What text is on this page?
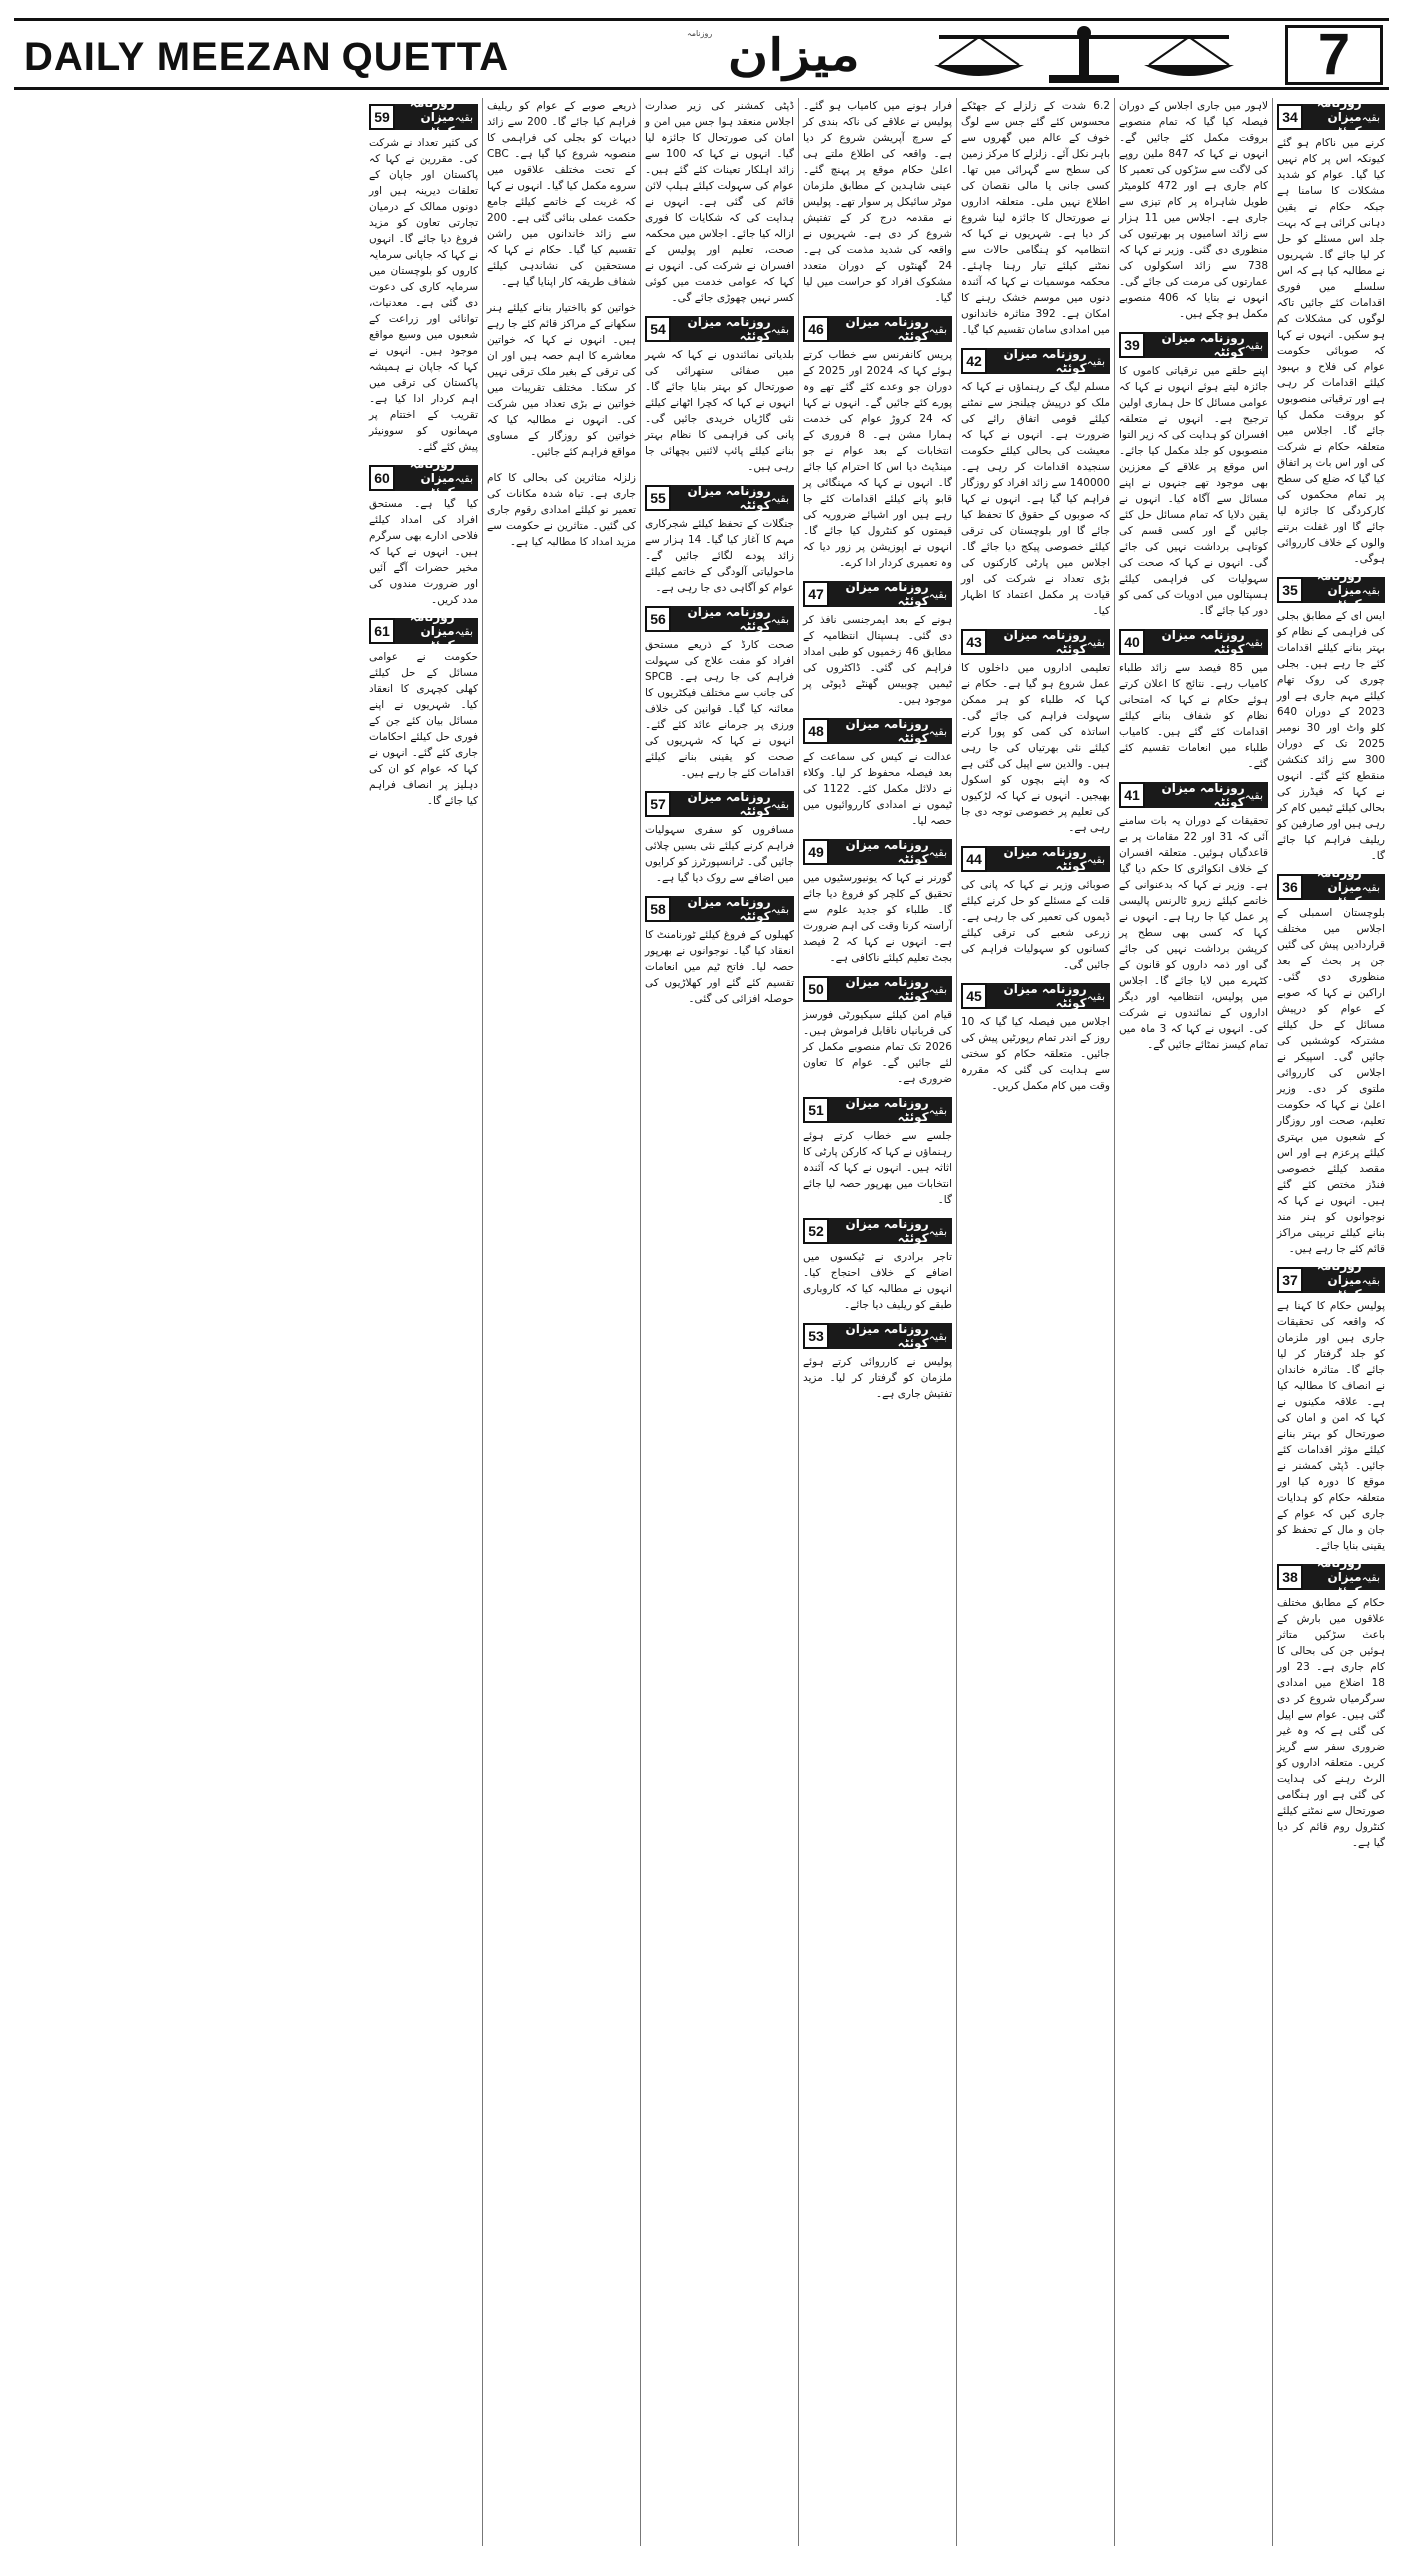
DAILY MEEZAN QUETTA
روزنامہ میزان	7
34	بقیہ
روزنامہ میزان کوئٹہ
کرنے میں ناکام ہو گئے کیونکہ اس پر کام نہیں کیا گیا۔ عوام کو شدید مشکلات کا سامنا ہے جبکہ حکام نے یقین دہانی کرائی ہے کہ بہت جلد اس مسئلے کو حل کر لیا جائے گا۔ شہریوں نے مطالبہ کیا ہے کہ اس سلسلے میں فوری اقدامات کئے جائیں تاکہ لوگوں کی مشکلات کم ہو سکیں۔ انہوں نے کہا کہ صوبائی حکومت عوام کی فلاح و بہبود کیلئے اقدامات کر رہی ہے اور ترقیاتی منصوبوں کو بروقت مکمل کیا جائے گا۔ اجلاس میں متعلقہ حکام نے شرکت کی اور اس بات پر اتفاق کیا گیا کہ ضلع کی سطح پر تمام محکموں کی کارکردگی کا جائزہ لیا جائے گا اور غفلت برتنے والوں کے خلاف کارروائی ہوگی۔
35	بقیہ
روزنامہ میزان کوئٹہ
ایس ای کے مطابق بجلی کی فراہمی کے نظام کو بہتر بنانے کیلئے اقدامات کئے جا رہے ہیں۔ بجلی چوری کی روک تھام کیلئے مہم جاری ہے اور 2023 کے دوران 640 کلو واٹ اور 30 نومبر 2025 تک کے دوران 300 سے زائد کنکشن منقطع کئے گئے۔ انہوں نے کہا کہ فیڈرز کی بحالی کیلئے ٹیمیں کام کر رہی ہیں اور صارفین کو ریلیف فراہم کیا جائے گا۔
36	بقیہ
روزنامہ میزان کوئٹہ
بلوچستان اسمبلی کے اجلاس میں مختلف قراردادیں پیش کی گئیں جن پر بحث کے بعد منظوری دی گئی۔ اراکین نے کہا کہ صوبے کے عوام کو درپیش مسائل کے حل کیلئے مشترکہ کوششیں کی جائیں گی۔ اسپیکر نے اجلاس کی کارروائی ملتوی کر دی۔ وزیر اعلیٰ نے کہا کہ حکومت تعلیم، صحت اور روزگار کے شعبوں میں بہتری کیلئے پرعزم ہے اور اس مقصد کیلئے خصوصی فنڈز مختص کئے گئے ہیں۔ انہوں نے کہا کہ نوجوانوں کو ہنر مند بنانے کیلئے تربیتی مراکز قائم کئے جا رہے ہیں۔
37	بقیہ
روزنامہ میزان کوئٹہ
پولیس حکام کا کہنا ہے کہ واقعہ کی تحقیقات جاری ہیں اور ملزمان کو جلد گرفتار کر لیا جائے گا۔ متاثرہ خاندان نے انصاف کا مطالبہ کیا ہے۔ علاقہ مکینوں نے کہا کہ امن و امان کی صورتحال کو بہتر بنانے کیلئے مؤثر اقدامات کئے جائیں۔ ڈپٹی کمشنر نے موقع کا دورہ کیا اور متعلقہ حکام کو ہدایات جاری کیں کہ عوام کے جان و مال کے تحفظ کو یقینی بنایا جائے۔
38	بقیہ
روزنامہ میزان کوئٹہ
حکام کے مطابق مختلف علاقوں میں بارش کے باعث سڑکیں متاثر ہوئیں جن کی بحالی کا کام جاری ہے۔ 23 اور 18 اضلاع میں امدادی سرگرمیاں شروع کر دی گئی ہیں۔ عوام سے اپیل کی گئی ہے کہ وہ غیر ضروری سفر سے گریز کریں۔ متعلقہ اداروں کو الرٹ رہنے کی ہدایت کی گئی ہے اور ہنگامی صورتحال سے نمٹنے کیلئے کنٹرول روم قائم کر دیا گیا ہے۔
لاہور میں جاری اجلاس کے دوران فیصلہ کیا گیا کہ تمام منصوبے بروقت مکمل کئے جائیں گے۔ انہوں نے کہا کہ 847 ملین روپے کی لاگت سے سڑکوں کی تعمیر کا کام جاری ہے اور 472 کلومیٹر طویل شاہراہ پر کام تیزی سے جاری ہے۔ اجلاس میں 11 ہزار سے زائد اسامیوں پر بھرتیوں کی منظوری دی گئی۔ وزیر نے کہا کہ 738 سے زائد اسکولوں کی عمارتوں کی مرمت کی جائے گی۔ انہوں نے بتایا کہ 406 منصوبے مکمل ہو چکے ہیں۔
39	بقیہ
روزنامہ میزان کوئٹہ
اپنے حلقے میں ترقیاتی کاموں کا جائزہ لیتے ہوئے انہوں نے کہا کہ عوامی مسائل کا حل ہماری اولین ترجیح ہے۔ انہوں نے متعلقہ افسران کو ہدایت کی کہ زیر التوا منصوبوں کو جلد مکمل کیا جائے۔ اس موقع پر علاقے کے معززین بھی موجود تھے جنہوں نے اپنے مسائل سے آگاہ کیا۔ انہوں نے یقین دلایا کہ تمام مسائل حل کئے جائیں گے اور کسی قسم کی کوتاہی برداشت نہیں کی جائے گی۔ انہوں نے کہا کہ صحت کی سہولیات کی فراہمی کیلئے ہسپتالوں میں ادویات کی کمی کو دور کیا جائے گا۔
40	بقیہ
روزنامہ میزان کوئٹہ
میں 85 فیصد سے زائد طلباء کامیاب رہے۔ نتائج کا اعلان کرتے ہوئے حکام نے کہا کہ امتحانی نظام کو شفاف بنانے کیلئے اقدامات کئے گئے ہیں۔ کامیاب طلباء میں انعامات تقسیم کئے گئے۔
41	بقیہ
روزنامہ میزان کوئٹہ
تحقیقات کے دوران یہ بات سامنے آئی کہ 31 اور 22 مقامات پر بے قاعدگیاں ہوئیں۔ متعلقہ افسران کے خلاف انکوائری کا حکم دیا گیا ہے۔ وزیر نے کہا کہ بدعنوانی کے خاتمے کیلئے زیرو ٹالرنس پالیسی پر عمل کیا جا رہا ہے۔ انہوں نے کہا کہ کسی بھی سطح پر کرپشن برداشت نہیں کی جائے گی اور ذمہ داروں کو قانون کے کٹہرے میں لایا جائے گا۔ اجلاس میں پولیس، انتظامیہ اور دیگر اداروں کے نمائندوں نے شرکت کی۔ انہوں نے کہا کہ 3 ماہ میں تمام کیسز نمٹائے جائیں گے۔
6.2 شدت کے زلزلے کے جھٹکے محسوس کئے گئے جس سے لوگ خوف کے عالم میں گھروں سے باہر نکل آئے۔ زلزلے کا مرکز زمین کی سطح سے گہرائی میں تھا۔ کسی جانی یا مالی نقصان کی اطلاع نہیں ملی۔ متعلقہ اداروں نے صورتحال کا جائزہ لینا شروع کر دیا ہے۔ شہریوں نے کہا کہ انتظامیہ کو ہنگامی حالات سے نمٹنے کیلئے تیار رہنا چاہئے۔ محکمہ موسمیات نے کہا کہ آئندہ دنوں میں موسم خشک رہنے کا امکان ہے۔ 392 متاثرہ خاندانوں میں امدادی سامان تقسیم کیا گیا۔
42	بقیہ
روزنامہ میزان کوئٹہ
مسلم لیگ کے رہنماؤں نے کہا کہ ملک کو درپیش چیلنجز سے نمٹنے کیلئے قومی اتفاق رائے کی ضرورت ہے۔ انہوں نے کہا کہ معیشت کی بحالی کیلئے حکومت سنجیدہ اقدامات کر رہی ہے۔ 140000 سے زائد افراد کو روزگار فراہم کیا گیا ہے۔ انہوں نے کہا کہ صوبوں کے حقوق کا تحفظ کیا جائے گا اور بلوچستان کی ترقی کیلئے خصوصی پیکج دیا جائے گا۔ اجلاس میں پارٹی کارکنوں کی بڑی تعداد نے شرکت کی اور قیادت پر مکمل اعتماد کا اظہار کیا۔
43	بقیہ
روزنامہ میزان کوئٹہ
تعلیمی اداروں میں داخلوں کا عمل شروع ہو گیا ہے۔ حکام نے کہا کہ طلباء کو ہر ممکن سہولت فراہم کی جائے گی۔ اساتذہ کی کمی کو پورا کرنے کیلئے نئی بھرتیاں کی جا رہی ہیں۔ والدین سے اپیل کی گئی ہے کہ وہ اپنے بچوں کو اسکول بھیجیں۔ انہوں نے کہا کہ لڑکیوں کی تعلیم پر خصوصی توجہ دی جا رہی ہے۔
44	بقیہ
روزنامہ میزان کوئٹہ
صوبائی وزیر نے کہا کہ پانی کی قلت کے مسئلے کو حل کرنے کیلئے ڈیموں کی تعمیر کی جا رہی ہے۔ زرعی شعبے کی ترقی کیلئے کسانوں کو سہولیات فراہم کی جائیں گی۔
45	بقیہ
روزنامہ میزان کوئٹہ
اجلاس میں فیصلہ کیا گیا کہ 10 روز کے اندر تمام رپورٹیں پیش کی جائیں۔ متعلقہ حکام کو سختی سے ہدایت کی گئی کہ مقررہ وقت میں کام مکمل کریں۔
فرار ہونے میں کامیاب ہو گئے۔ پولیس نے علاقے کی ناکہ بندی کر کے سرچ آپریشن شروع کر دیا ہے۔ واقعہ کی اطلاع ملتے ہی اعلیٰ حکام موقع پر پہنچ گئے۔ عینی شاہدین کے مطابق ملزمان موٹر سائیکل پر سوار تھے۔ پولیس نے مقدمہ درج کر کے تفتیش شروع کر دی ہے۔ شہریوں نے واقعہ کی شدید مذمت کی ہے۔ 24 گھنٹوں کے دوران متعدد مشکوک افراد کو حراست میں لیا گیا۔
46	بقیہ
روزنامہ میزان کوئٹہ
پریس کانفرنس سے خطاب کرتے ہوئے کہا کہ 2024 اور 2025 کے دوران جو وعدے کئے گئے تھے وہ پورے کئے جائیں گے۔ انہوں نے کہا کہ 24 کروڑ عوام کی خدمت ہمارا مشن ہے۔ 8 فروری کے انتخابات کے بعد عوام نے جو مینڈیٹ دیا اس کا احترام کیا جائے گا۔ انہوں نے کہا کہ مہنگائی پر قابو پانے کیلئے اقدامات کئے جا رہے ہیں اور اشیائے ضروریہ کی قیمتوں کو کنٹرول کیا جائے گا۔ انہوں نے اپوزیشن پر زور دیا کہ وہ تعمیری کردار ادا کرے۔
47	بقیہ
روزنامہ میزان کوئٹہ
ہونے کے بعد ایمرجنسی نافذ کر دی گئی۔ ہسپتال انتظامیہ کے مطابق 46 زخمیوں کو طبی امداد فراہم کی گئی۔ ڈاکٹروں کی ٹیمیں چوبیس گھنٹے ڈیوٹی پر موجود ہیں۔
48	بقیہ
روزنامہ میزان کوئٹہ
عدالت نے کیس کی سماعت کے بعد فیصلہ محفوظ کر لیا۔ وکلاء نے دلائل مکمل کئے۔ 1122 کی ٹیموں نے امدادی کارروائیوں میں حصہ لیا۔
49	بقیہ
روزنامہ میزان کوئٹہ
گورنر نے کہا کہ یونیورسٹیوں میں تحقیق کے کلچر کو فروغ دیا جائے گا۔ طلباء کو جدید علوم سے آراستہ کرنا وقت کی اہم ضرورت ہے۔ انہوں نے کہا کہ 2 فیصد بجٹ تعلیم کیلئے ناکافی ہے۔
50	بقیہ
روزنامہ میزان کوئٹہ
قیام امن کیلئے سیکیورٹی فورسز کی قربانیاں ناقابل فراموش ہیں۔ 2026 تک تمام منصوبے مکمل کر لئے جائیں گے۔ عوام کا تعاون ضروری ہے۔
51	بقیہ
روزنامہ میزان کوئٹہ
جلسے سے خطاب کرتے ہوئے رہنماؤں نے کہا کہ کارکن پارٹی کا اثاثہ ہیں۔ انہوں نے کہا کہ آئندہ انتخابات میں بھرپور حصہ لیا جائے گا۔
52	بقیہ
روزنامہ میزان کوئٹہ
تاجر برادری نے ٹیکسوں میں اضافے کے خلاف احتجاج کیا۔ انہوں نے مطالبہ کیا کہ کاروباری طبقے کو ریلیف دیا جائے۔
53	بقیہ
روزنامہ میزان کوئٹہ
پولیس نے کارروائی کرتے ہوئے ملزمان کو گرفتار کر لیا۔ مزید تفتیش جاری ہے۔
ڈپٹی کمشنر کی زیر صدارت اجلاس منعقد ہوا جس میں امن و امان کی صورتحال کا جائزہ لیا گیا۔ انہوں نے کہا کہ 100 سے زائد اہلکار تعینات کئے گئے ہیں۔ عوام کی سہولت کیلئے ہیلپ لائن قائم کی گئی ہے۔ انہوں نے ہدایت کی کہ شکایات کا فوری ازالہ کیا جائے۔ اجلاس میں محکمہ صحت، تعلیم اور پولیس کے افسران نے شرکت کی۔ انہوں نے کہا کہ عوامی خدمت میں کوئی کسر نہیں چھوڑی جائے گی۔
54	بقیہ
روزنامہ میزان کوئٹہ
بلدیاتی نمائندوں نے کہا کہ شہر میں صفائی ستھرائی کی صورتحال کو بہتر بنایا جائے گا۔ انہوں نے کہا کہ کچرا اٹھانے کیلئے نئی گاڑیاں خریدی جائیں گی۔ پانی کی فراہمی کا نظام بہتر بنانے کیلئے پائپ لائنیں بچھائی جا رہی ہیں۔
55	بقیہ
روزنامہ میزان کوئٹہ
جنگلات کے تحفظ کیلئے شجرکاری مہم کا آغاز کیا گیا۔ 14 ہزار سے زائد پودے لگائے جائیں گے۔ ماحولیاتی آلودگی کے خاتمے کیلئے عوام کو آگاہی دی جا رہی ہے۔
56	بقیہ
روزنامہ میزان کوئٹہ
صحت کارڈ کے ذریعے مستحق افراد کو مفت علاج کی سہولت فراہم کی جا رہی ہے۔ SPCB کی جانب سے مختلف فیکٹریوں کا معائنہ کیا گیا۔ قوانین کی خلاف ورزی پر جرمانے عائد کئے گئے۔ انہوں نے کہا کہ شہریوں کی صحت کو یقینی بنانے کیلئے اقدامات کئے جا رہے ہیں۔
57	بقیہ
روزنامہ میزان کوئٹہ
مسافروں کو سفری سہولیات فراہم کرنے کیلئے نئی بسیں چلائی جائیں گی۔ ٹرانسپورٹرز کو کرایوں میں اضافے سے روک دیا گیا ہے۔
58	بقیہ
روزنامہ میزان کوئٹہ
کھیلوں کے فروغ کیلئے ٹورنامنٹ کا انعقاد کیا گیا۔ نوجوانوں نے بھرپور حصہ لیا۔ فاتح ٹیم میں انعامات تقسیم کئے گئے اور کھلاڑیوں کی حوصلہ افزائی کی گئی۔
ذریعے صوبے کے عوام کو ریلیف فراہم کیا جائے گا۔ 200 سے زائد دیہات کو بجلی کی فراہمی کا منصوبہ شروع کیا گیا ہے۔ CBC کے تحت مختلف علاقوں میں سروے مکمل کیا گیا۔ انہوں نے کہا کہ غربت کے خاتمے کیلئے جامع حکمت عملی بنائی گئی ہے۔ 200 سے زائد خاندانوں میں راشن تقسیم کیا گیا۔ حکام نے کہا کہ مستحقین کی نشاندہی کیلئے شفاف طریقہ کار اپنایا گیا ہے۔
خواتین کو بااختیار بنانے کیلئے ہنر سکھانے کے مراکز قائم کئے جا رہے ہیں۔ انہوں نے کہا کہ خواتین معاشرے کا اہم حصہ ہیں اور ان کی ترقی کے بغیر ملک ترقی نہیں کر سکتا۔ مختلف تقریبات میں خواتین نے بڑی تعداد میں شرکت کی۔ انہوں نے مطالبہ کیا کہ خواتین کو روزگار کے مساوی مواقع فراہم کئے جائیں۔
زلزلہ متاثرین کی بحالی کا کام جاری ہے۔ تباہ شدہ مکانات کی تعمیر نو کیلئے امدادی رقوم جاری کی گئیں۔ متاثرین نے حکومت سے مزید امداد کا مطالبہ کیا ہے۔
59	بقیہ
روزنامہ میزان کوئٹہ
کی کثیر تعداد نے شرکت کی۔ مقررین نے کہا کہ پاکستان اور جاپان کے تعلقات دیرینہ ہیں اور دونوں ممالک کے درمیان تجارتی تعاون کو مزید فروغ دیا جائے گا۔ انہوں نے کہا کہ جاپانی سرمایہ کاروں کو بلوچستان میں سرمایہ کاری کی دعوت دی گئی ہے۔ معدنیات، توانائی اور زراعت کے شعبوں میں وسیع مواقع موجود ہیں۔ انہوں نے کہا کہ جاپان نے ہمیشہ پاکستان کی ترقی میں اہم کردار ادا کیا ہے۔ تقریب کے اختتام پر مہمانوں کو سوونیئر پیش کئے گئے۔
60	بقیہ
روزنامہ میزان کوئٹہ
کیا گیا ہے۔ مستحق افراد کی امداد کیلئے فلاحی ادارے بھی سرگرم ہیں۔ انہوں نے کہا کہ مخیر حضرات آگے آئیں اور ضرورت مندوں کی مدد کریں۔
61	بقیہ
روزنامہ میزان کوئٹہ
حکومت نے عوامی مسائل کے حل کیلئے کھلی کچہری کا انعقاد کیا۔ شہریوں نے اپنے مسائل بیان کئے جن کے فوری حل کیلئے احکامات جاری کئے گئے۔ انہوں نے کہا کہ عوام کو ان کی دہلیز پر انصاف فراہم کیا جائے گا۔
